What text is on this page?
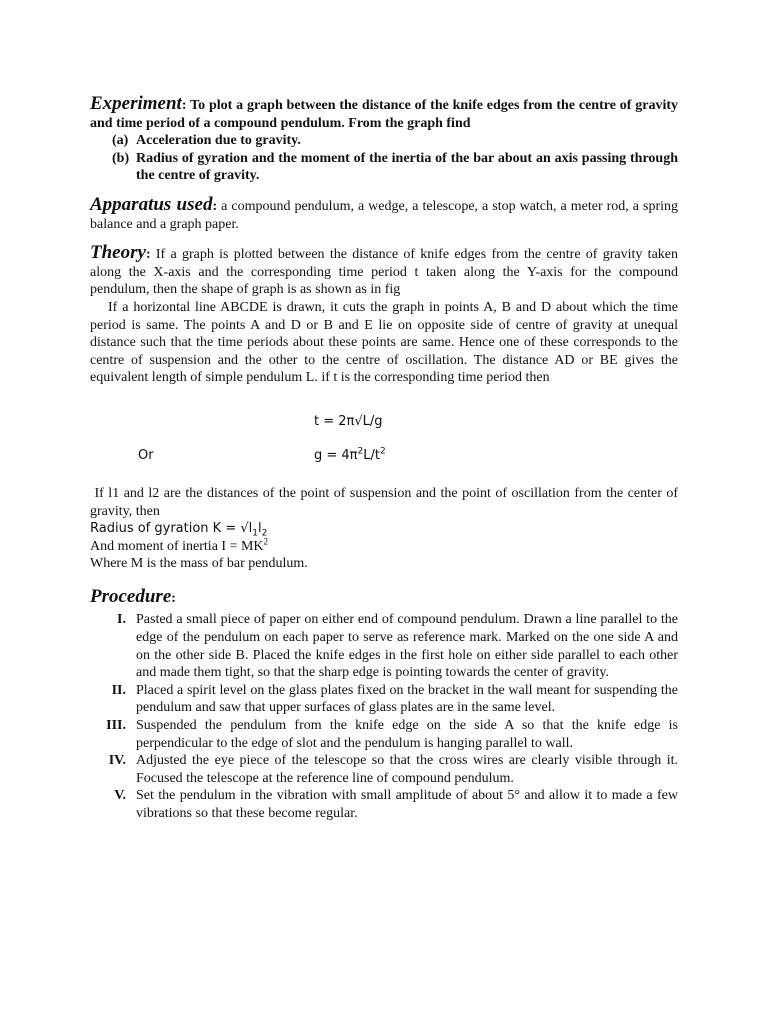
Experiment: To plot a graph between the distance of the knife edges from the centre of gravity and time period of a compound pendulum. From the graph find

(a) Acceleration due to gravity.
(b) Radius of gyration and the moment of the inertia of the bar about an axis passing through the centre of gravity.

Apparatus used: a compound pendulum, a wedge, a telescope, a stop watch, a meter rod, a spring balance and a graph paper.

Theory: If a graph is plotted between the distance of knife edges from the centre of gravity taken along the X-axis and the corresponding time period t taken along the Y-axis for the compound pendulum, then the shape of graph is as shown as in fig

If a horizontal line ABCDE is drawn, it cuts the graph in points A, B and D about which the time period is same. The points A and D or B and E lie on opposite side of centre of gravity at unequal distance such that the time periods about these points are same. Hence one of these corresponds to the centre of suspension and the other to the centre of oscillation. The distance AD or BE gives the equivalent length of simple pendulum L. if t is the corresponding time period then

t = 2π√L/g
Or	$g = 4\pi^2L/t^2$

If l1 and l2 are the distances of the point of suspension and the point of oscillation from the center of gravity, then

Radius of gyration $K = √l_1l_2$

And moment of inertia $I = MK^2$

Where M is the mass of bar pendulum.

Procedure:

I. Pasted a small piece of paper on either end of compound pendulum. Drawn a line parallel to the edge of the pendulum on each paper to serve as reference mark. Marked on the one side A and on the other side B. Placed the knife edges in the first hole on either side parallel to each other and made them tight, so that the sharp edge is pointing towards the center of gravity.
II. Placed a spirit level on the glass plates fixed on the bracket in the wall meant for suspending the pendulum and saw that upper surfaces of glass plates are in the same level.
III. Suspended the pendulum from the knife edge on the side A so that the knife edge is perpendicular to the edge of slot and the pendulum is hanging parallel to wall.
IV. Adjusted the eye piece of the telescope so that the cross wires are clearly visible through it. Focused the telescope at the reference line of compound pendulum.
V. Set the pendulum in the vibration with small amplitude of about 5° and allow it to made a few vibrations so that these become regular.
